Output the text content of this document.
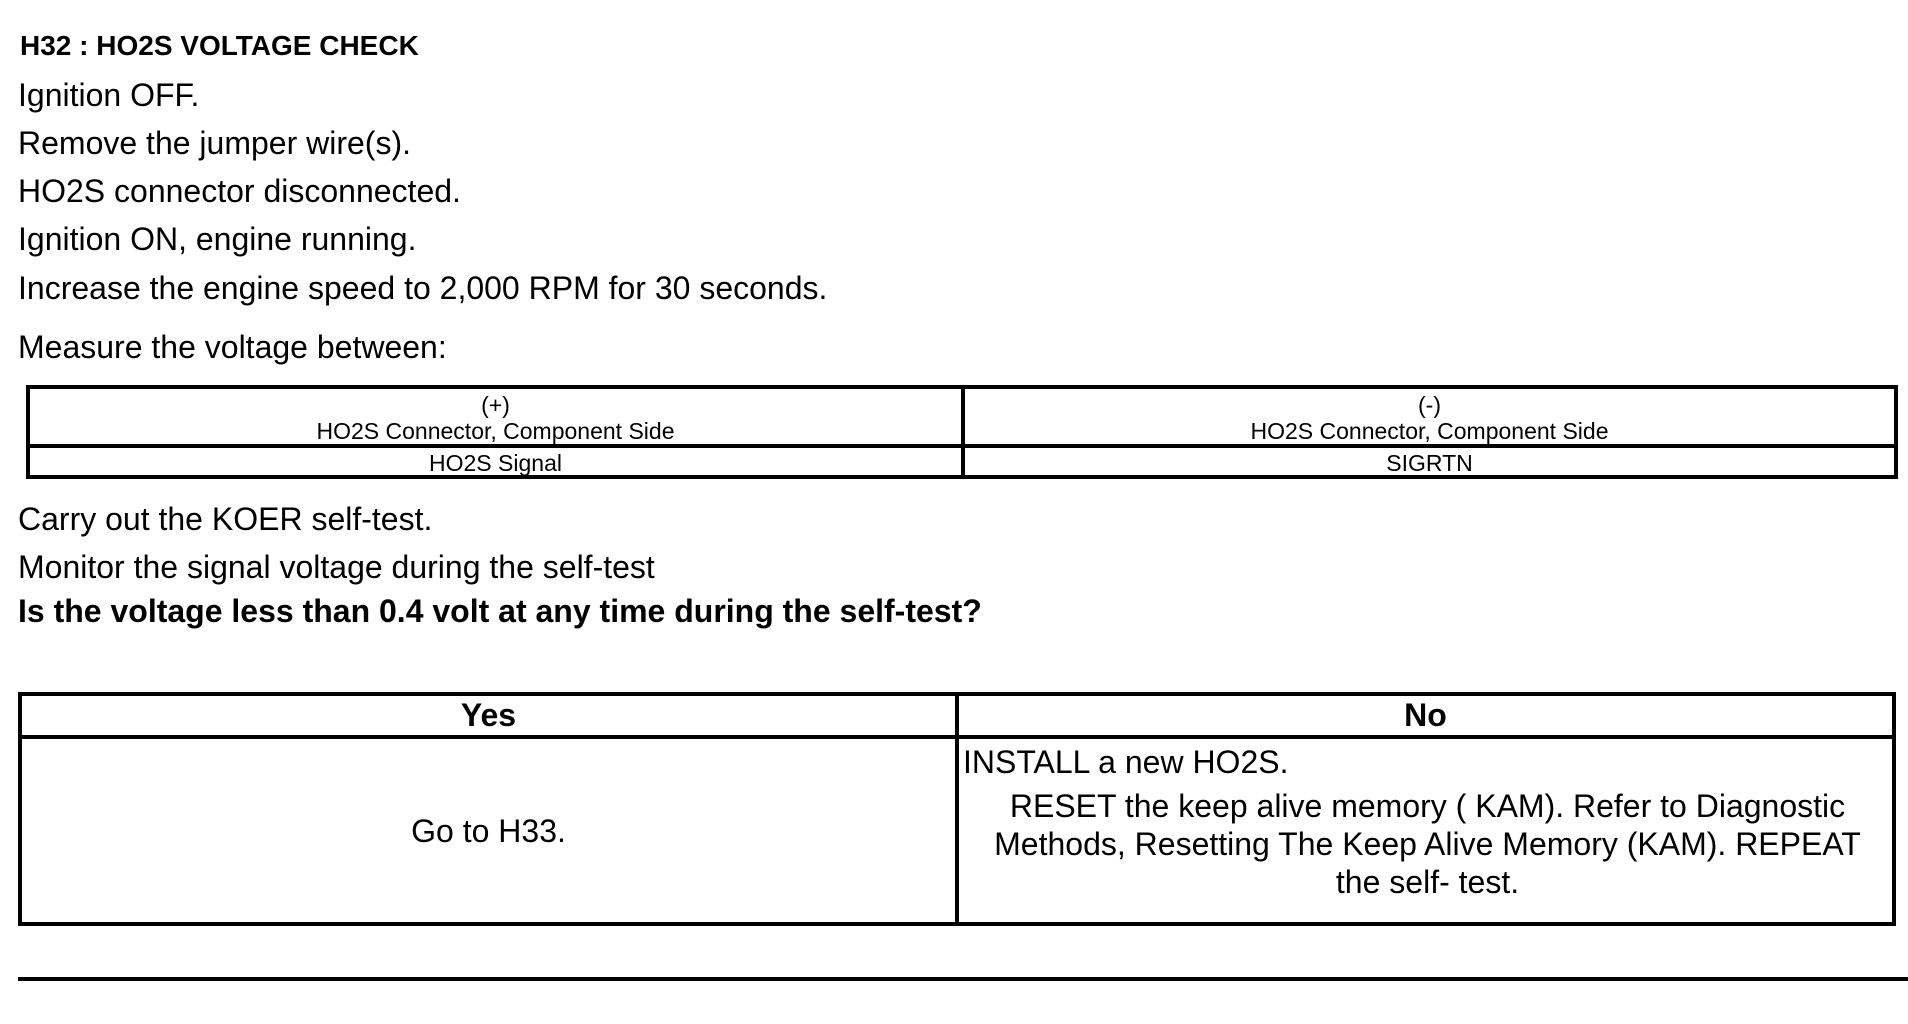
H32 : HO2S VOLTAGE CHECK
Ignition OFF.
Remove the jumper wire(s).
HO2S connector disconnected.
Ignition ON, engine running.
Increase the engine speed to 2,000 RPM for 30 seconds.
Measure the voltage between:
(+)
HO2S Connector, Component Side
(-)
HO2S Connector, Component Side
HO2S Signal	SIGRTN
Carry out the KOER self-test.
Monitor the signal voltage during the self-test
Is the voltage less than 0.4 volt at any time during the self-test?
Yes	No
Go to H33.
INSTALL a new HO2S.
RESET the keep alive memory ( KAM). Refer to Diagnostic Methods, Resetting The Keep Alive Memory (KAM). REPEAT the self- test.
